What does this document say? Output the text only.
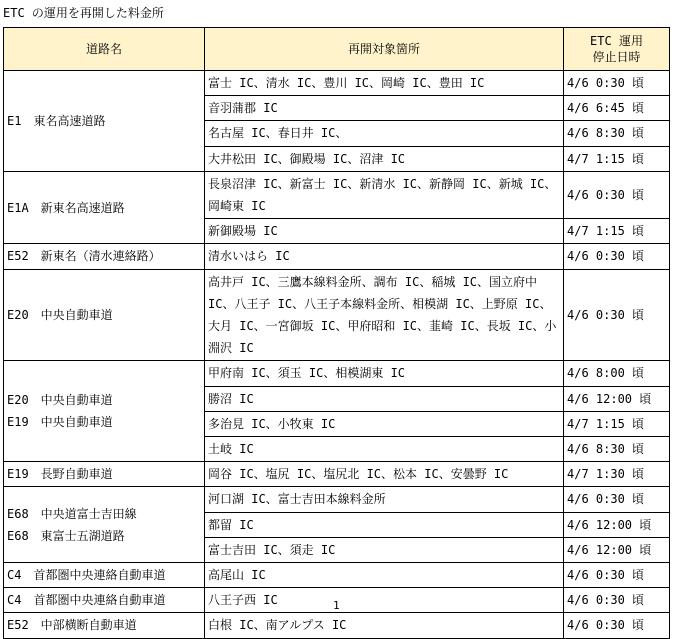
ETC の運用を再開した料金所
道路名	再開対象箇所	ETC 運用
停止日時
E1　東名高速道路	富士 IC、清水 IC、豊川 IC、岡崎 IC、豊田 IC	4/6 0:30 頃
	音羽蒲郡 IC	4/6 6:45 頃
	名古屋 IC、春日井 IC、	4/6 8:30 頃
	大井松田 IC、御殿場 IC、沼津 IC	4/7 1:15 頃
E1A　新東名高速道路	長泉沼津 IC、新富士 IC、新清水 IC、新静岡 IC、新城 IC、岡崎東 IC	4/6 0:30 頃
	新御殿場 IC	4/7 1:15 頃
E52　新東名（清水連絡路）	清水いはら IC	4/6 0:30 頃
E20　中央自動車道	高井戸 IC、三鷹本線料金所、調布 IC、稲城 IC、国立府中 IC、八王子 IC、八王子本線料金所、相模湖 IC、上野原 IC、大月 IC、一宮御坂 IC、甲府昭和 IC、韮崎 IC、長坂 IC、小淵沢 IC	4/6 0:30 頃
E20　中央自動車道
E19　中央自動車道	甲府南 IC、須玉 IC、相模湖東 IC	4/6 8:00 頃
	勝沼 IC	4/6 12:00 頃
	多治見 IC、小牧東 IC	4/7 1:15 頃
	土岐 IC	4/6 8:30 頃
E19　長野自動車道	岡谷 IC、塩尻 IC、塩尻北 IC、松本 IC、安曇野 IC	4/7 1:30 頃
E68　中央道富士吉田線
E68　東富士五湖道路	河口湖 IC、富士吉田本線料金所	4/6 0:30 頃
	都留 IC	4/6 12:00 頃
	富士吉田 IC、須走 IC	4/6 12:00 頃
C4　首都圏中央連絡自動車道	高尾山 IC	4/6 0:30 頃
C4　首都圏中央連絡自動車道	八王子西 IC	4/6 0:30 頃
E52　中部横断自動車道	白根 IC、南アルプス IC	4/6 0:30 頃
1
